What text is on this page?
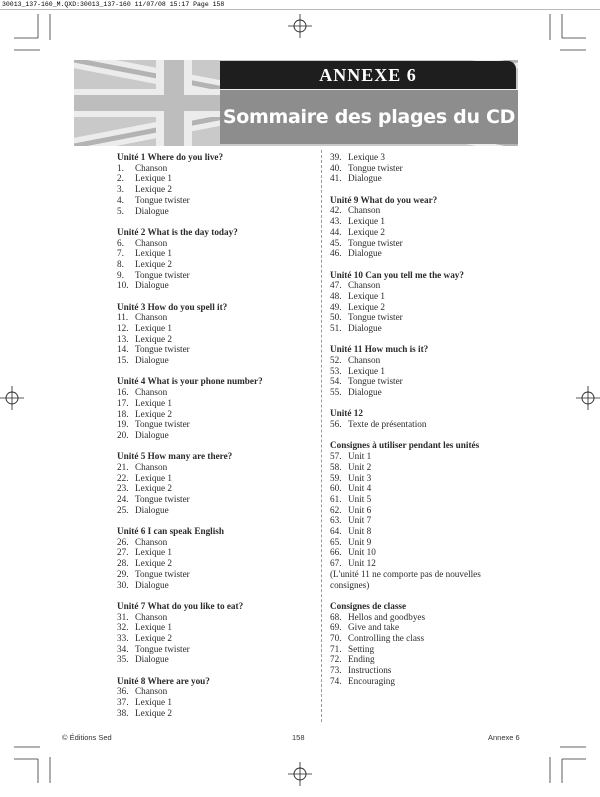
30013_137-160_M.QXD:30013_137-160 11/07/08 15:17 Page 158
ANNEXE 6
Sommaire des plages du CD
Unité 1 Where do you live?
1. Chanson
2. Lexique 1
3. Lexique 2
4. Tongue twister
5. Dialogue
Unité 2 What is the day today?
6. Chanson
7. Lexique 1
8. Lexique 2
9. Tongue twister
10. Dialogue
Unité 3 How do you spell it?
11. Chanson
12. Lexique 1
13. Lexique 2
14. Tongue twister
15. Dialogue
Unité 4 What is your phone number?
16. Chanson
17. Lexique 1
18. Lexique 2
19. Tongue twister
20. Dialogue
Unité 5 How many are there?
21. Chanson
22. Lexique 1
23. Lexique 2
24. Tongue twister
25. Dialogue
Unité 6 I can speak English
26. Chanson
27. Lexique 1
28. Lexique 2
29. Tongue twister
30. Dialogue
Unité 7 What do you like to eat?
31. Chanson
32. Lexique 1
33. Lexique 2
34. Tongue twister
35. Dialogue
Unité 8 Where are you?
36. Chanson
37. Lexique 1
38. Lexique 2
39. Lexique 3
40. Tongue twister
41. Dialogue
Unité 9 What do you wear?
42. Chanson
43. Lexique 1
44. Lexique 2
45. Tongue twister
46. Dialogue
Unité 10 Can you tell me the way?
47. Chanson
48. Lexique 1
49. Lexique 2
50. Tongue twister
51. Dialogue
Unité 11 How much is it?
52. Chanson
53. Lexique 1
54. Tongue twister
55. Dialogue
Unité 12
56. Texte de présentation
Consignes à utiliser pendant les unités
57. Unit 1
58. Unit 2
59. Unit 3
60. Unit 4
61. Unit 5
62. Unit 6
63. Unit 7
64. Unit 8
65. Unit 9
66. Unit 10
67. Unit 12
(L'unité 11 ne comporte pas de nouvelles consignes)
Consignes de classe
68. Hellos and goodbyes
69. Give and take
70. Controlling the class
71. Setting
72. Ending
73. Instructions
74. Encouraging
© Éditions Sed	158	Annexe 6
